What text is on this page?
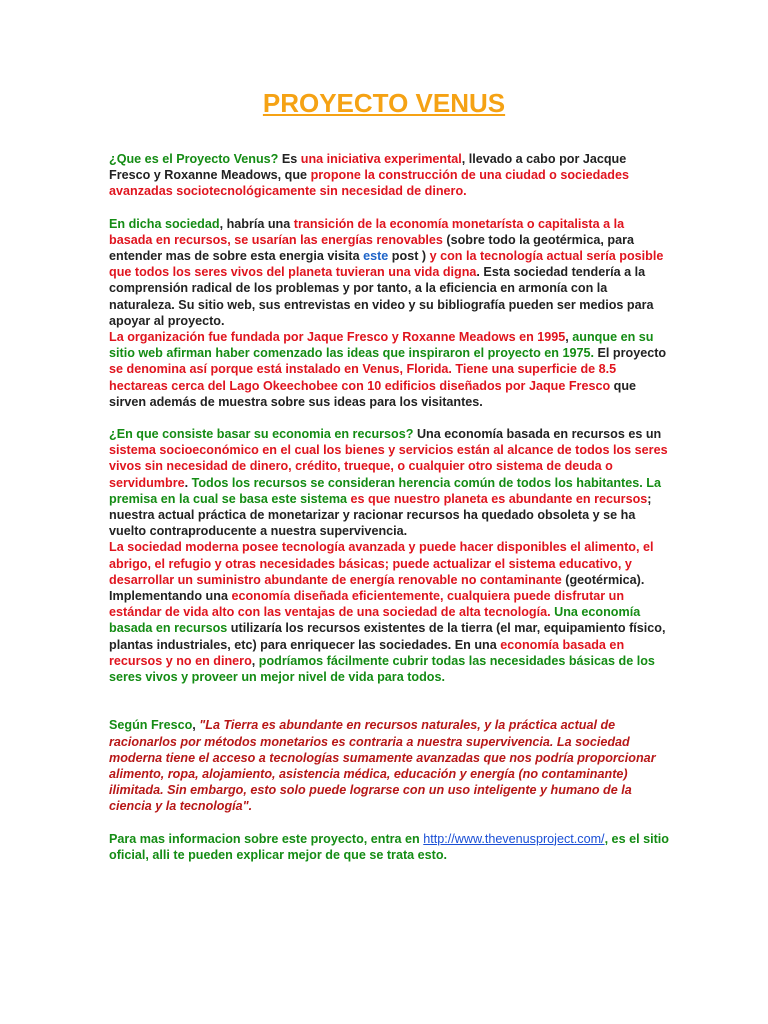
PROYECTO VENUS

¿Que es el Proyecto Venus? Es una iniciativa experimental, llevado a cabo por Jacque Fresco y Roxanne Meadows, que propone la construcción de una ciudad o sociedades avanzadas sociotecnológicamente sin necesidad de dinero.

En dicha sociedad, habría una transición de la economía monetarísta o capitalista a la basada en recursos, se usarían las energías renovables (sobre todo la geotérmica, para entender mas de sobre esta energia visita este post ) y con la tecnología actual sería posible que todos los seres vivos del planeta tuvieran una vida digna. Esta sociedad tendería a la comprensión radical de los problemas y por tanto, a la eficiencia en armonía con la naturaleza. Su sitio web, sus entrevistas en video y su bibliografía pueden ser medios para apoyar al proyecto.

La organización fue fundada por Jaque Fresco y Roxanne Meadows en 1995, aunque en su sitio web afirman haber comenzado las ideas que inspiraron el proyecto en 1975. El proyecto se denomina así porque está instalado en Venus, Florida. Tiene una superficie de 8.5 hectareas cerca del Lago Okeechobee con 10 edificios diseñados por Jaque Fresco que sirven además de muestra sobre sus ideas para los visitantes.

¿En que consiste basar su economia en recursos? Una economía basada en recursos es un sistema socioeconómico en el cual los bienes y servicios están al alcance de todos los seres vivos sin necesidad de dinero, crédito, trueque, o cualquier otro sistema de deuda o servidumbre. Todos los recursos se consideran herencia común de todos los habitantes. La premisa en la cual se basa este sistema es que nuestro planeta es abundante en recursos; nuestra actual práctica de monetarizar y racionar recursos ha quedado obsoleta y se ha vuelto contraproducente a nuestra supervivencia.

La sociedad moderna posee tecnología avanzada y puede hacer disponibles el alimento, el abrigo, el refugio y otras necesidades básicas; puede actualizar el sistema educativo, y desarrollar un suministro abundante de energía renovable no contaminante (geotérmica). Implementando una economía diseñada eficientemente, cualquiera puede disfrutar un estándar de vida alto con las ventajas de una sociedad de alta tecnología. Una economía basada en recursos utilizaría los recursos existentes de la tierra (el mar, equipamiento físico, plantas industriales, etc) para enriquecer las sociedades. En una economía basada en recursos y no en dinero, podríamos fácilmente cubrir todas las necesidades básicas de los seres vivos y proveer un mejor nivel de vida para todos.

Según Fresco, "La Tierra es abundante en recursos naturales, y la práctica actual de racionarlos por métodos monetarios es contraria a nuestra supervivencia. La sociedad moderna tiene el acceso a tecnologías sumamente avanzadas que nos podría proporcionar alimento, ropa, alojamiento, asistencia médica, educación y energía (no contaminante) ilimitada. Sin embargo, esto solo puede lograrse con un uso inteligente y humano de la ciencia y la tecnología".

Para mas informacion sobre este proyecto, entra en http://www.thevenusproject.com/, es el sitio oficial, alli te pueden explicar mejor de que se trata esto.
